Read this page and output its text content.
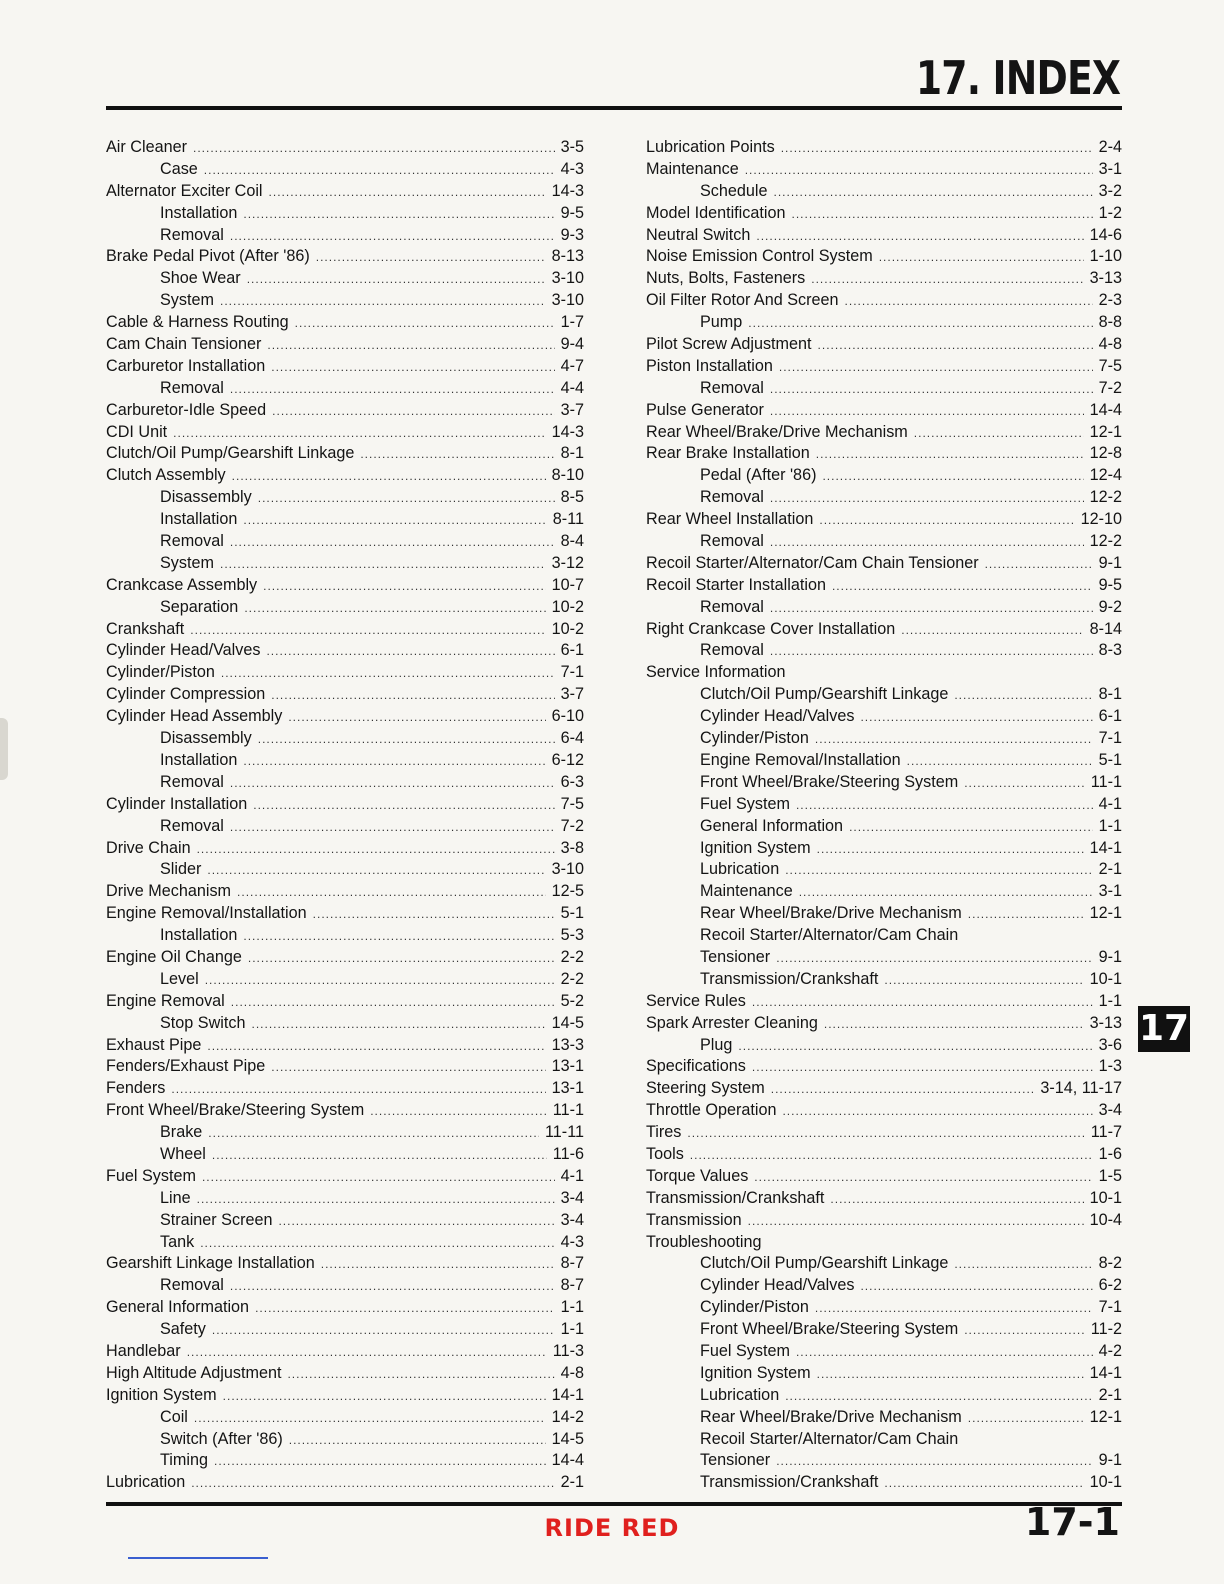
17. INDEX
Air Cleaner .....	3-5
Case .....	4-3
Alternator Exciter Coil .....	14-3
Installation .....	9-5
Removal .....	9-3
Brake Pedal Pivot (After '86) .....	8-13
Shoe Wear .....	3-10
System .....	3-10
Cable & Harness Routing .....	1-7
Cam Chain Tensioner .....	9-4
Carburetor Installation .....	4-7
Removal .....	4-4
Carburetor-Idle Speed .....	3-7
CDI Unit .....	14-3
Clutch/Oil Pump/Gearshift Linkage .....	8-1
Clutch Assembly .....	8-10
Disassembly .....	8-5
Installation .....	8-11
Removal .....	8-4
System .....	3-12
Crankcase Assembly .....	10-7
Separation .....	10-2
Crankshaft .....	10-2
Cylinder Head/Valves .....	6-1
Cylinder/Piston .....	7-1
Cylinder Compression .....	3-7
Cylinder Head Assembly .....	6-10
Disassembly .....	6-4
Installation .....	6-12
Removal .....	6-3
Cylinder Installation .....	7-5
Removal .....	7-2
Drive Chain .....	3-8
Slider .....	3-10
Drive Mechanism .....	12-5
Engine Removal/Installation .....	5-1
Installation .....	5-3
Engine Oil Change .....	2-2
Level .....	2-2
Engine Removal .....	5-2
Stop Switch .....	14-5
Exhaust Pipe .....	13-3
Fenders/Exhaust Pipe .....	13-1
Fenders .....	13-1
Front Wheel/Brake/Steering System .....	11-1
Brake .....	11-11
Wheel .....	11-6
Fuel System .....	4-1
Line .....	3-4
Strainer Screen .....	3-4
Tank .....	4-3
Gearshift Linkage Installation .....	8-7
Removal .....	8-7
General Information .....	1-1
Safety .....	1-1
Handlebar .....	11-3
High Altitude Adjustment .....	4-8
Ignition System .....	14-1
Coil .....	14-2
Switch (After '86) .....	14-5
Timing .....	14-4
Lubrication .....	2-1
Lubrication Points .....	2-4
Maintenance .....	3-1
Schedule .....	3-2
Model Identification .....	1-2
Neutral Switch .....	14-6
Noise Emission Control System .....	1-10
Nuts, Bolts, Fasteners .....	3-13
Oil Filter Rotor And Screen .....	2-3
Pump .....	8-8
Pilot Screw Adjustment .....	4-8
Piston Installation .....	7-5
Removal .....	7-2
Pulse Generator .....	14-4
Rear Wheel/Brake/Drive Mechanism .....	12-1
Rear Brake Installation .....	12-8
Pedal (After '86) .....	12-4
Removal .....	12-2
Rear Wheel Installation .....	12-10
Removal .....	12-2
Recoil Starter/Alternator/Cam Chain Tensioner .....	9-1
Recoil Starter Installation .....	9-5
Removal .....	9-2
Right Crankcase Cover Installation .....	8-14
Removal .....	8-3
Service Information
Clutch/Oil Pump/Gearshift Linkage .....	8-1
Cylinder Head/Valves .....	6-1
Cylinder/Piston .....	7-1
Engine Removal/Installation .....	5-1
Front Wheel/Brake/Steering System .....	11-1
Fuel System .....	4-1
General Information .....	1-1
Ignition System .....	14-1
Lubrication .....	2-1
Maintenance .....	3-1
Rear Wheel/Brake/Drive Mechanism .....	12-1
Recoil Starter/Alternator/Cam Chain
Tensioner .....	9-1
Transmission/Crankshaft .....	10-1
Service Rules .....	1-1
Spark Arrester Cleaning .....	3-13
Plug .....	3-6
Specifications .....	1-3
Steering System .....	3-14, 11-17
Throttle Operation .....	3-4
Tires .....	11-7
Tools .....	1-6
Torque Values .....	1-5
Transmission/Crankshaft .....	10-1
Transmission .....	10-4
Troubleshooting
Clutch/Oil Pump/Gearshift Linkage .....	8-2
Cylinder Head/Valves .....	6-2
Cylinder/Piston .....	7-1
Front Wheel/Brake/Steering System .....	11-2
Fuel System .....	4-2
Ignition System .....	14-1
Lubrication .....	2-1
Rear Wheel/Brake/Drive Mechanism .....	12-1
Recoil Starter/Alternator/Cam Chain
Tensioner .....	9-1
Transmission/Crankshaft .....	10-1
17
RIDE RED	17-1
